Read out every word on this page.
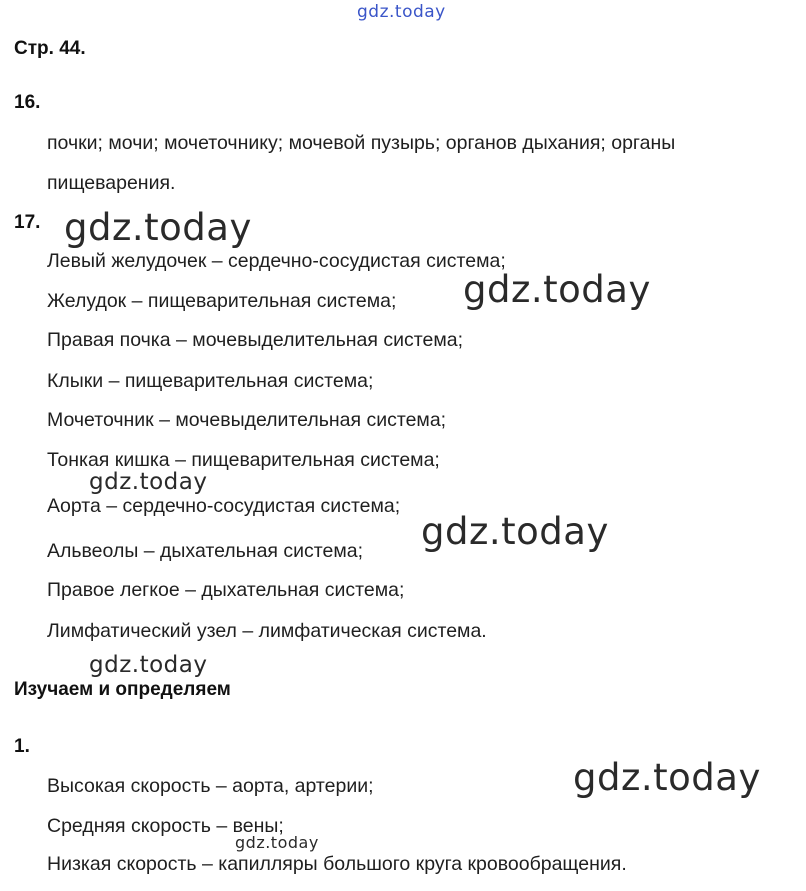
gdz.today
Стр. 44.
16.
почки; мочи; мочеточнику; мочевой пузырь; органов дыхания; органы
пищеварения.
17.
Левый желудочек – сердечно-сосудистая система;
Желудок – пищеварительная система;
Правая почка – мочевыделительная система;
Клыки – пищеварительная система;
Мочеточник – мочевыделительная система;
Тонкая кишка – пищеварительная система;
Аорта – сердечно-сосудистая система;
Альвеолы – дыхательная система;
Правое легкое – дыхательная система;
Лимфатический узел – лимфатическая система.
Изучаем и определяем
1.
Высокая скорость – аорта, артерии;
Средняя скорость – вены;
Низкая скорость – капилляры большого круга кровообращения.
gdz.today
gdz.today
gdz.today
gdz.today
gdz.today
gdz.today
gdz.today
